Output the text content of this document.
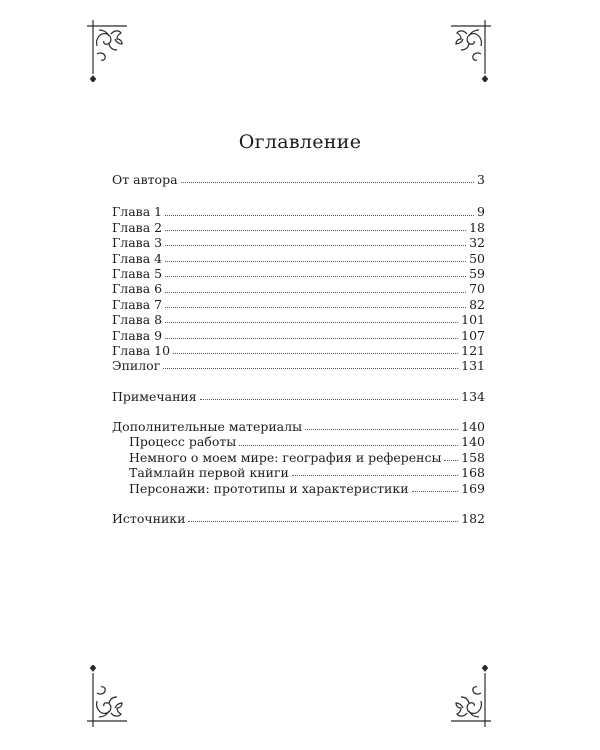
Оглавление
От автора	3
Глава 1	9
Глава 2	18
Глава 3	32
Глава 4	50
Глава 5	59
Глава 6	70
Глава 7	82
Глава 8	101
Глава 9	107
Глава 10	121
Эпилог	131
Примечания	134
Дополнительные материалы	140
Процесс работы	140
Немного о моем мире: география и референсы 158
Таймлайн первой книги	168
Персонажи: прототипы и характеристики	169
Источники	182
